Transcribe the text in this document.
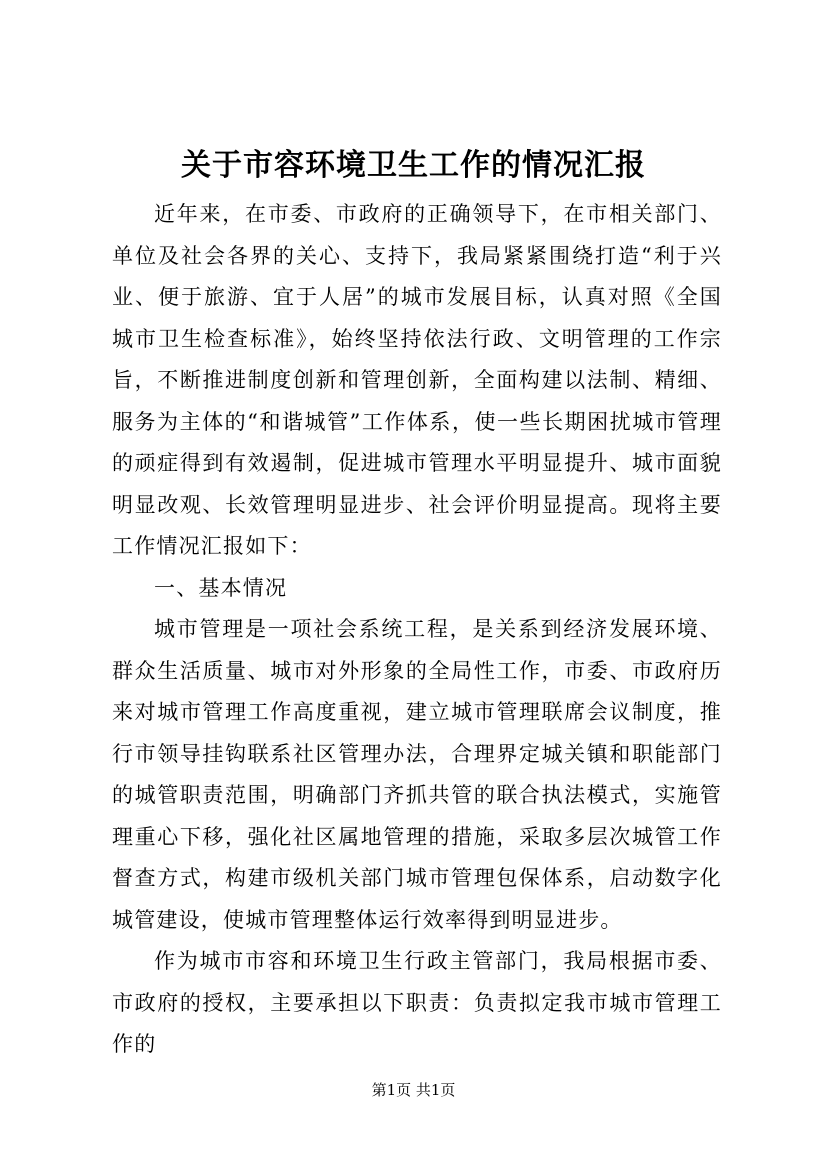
关于市容环境卫生工作的情况汇报

近年来，在市委、市政府的正确领导下，在市相关部门、单位及社会各界的关心、支持下，我局紧紧围绕打造“利于兴业、便于旅游、宜于人居”的城市发展目标，认真对照《全国城市卫生检查标准》，始终坚持依法行政、文明管理的工作宗旨，不断推进制度创新和管理创新，全面构建以法制、精细、服务为主体的“和谐城管”工作体系，使一些长期困扰城市管理的顽症得到有效遏制，促进城市管理水平明显提升、城市面貌明显改观、长效管理明显进步、社会评价明显提高。现将主要工作情况汇报如下：

一、基本情况

城市管理是一项社会系统工程，是关系到经济发展环境、群众生活质量、城市对外形象的全局性工作，市委、市政府历来对城市管理工作高度重视，建立城市管理联席会议制度，推行市领导挂钩联系社区管理办法，合理界定城关镇和职能部门的城管职责范围，明确部门齐抓共管的联合执法模式，实施管理重心下移，强化社区属地管理的措施，采取多层次城管工作督查方式，构建市级机关部门城市管理包保体系，启动数字化城管建设，使城市管理整体运行效率得到明显进步。

作为城市市容和环境卫生行政主管部门，我局根据市委、市政府的授权，主要承担以下职责：负责拟定我市城市管理工作的

第1页 共1页
